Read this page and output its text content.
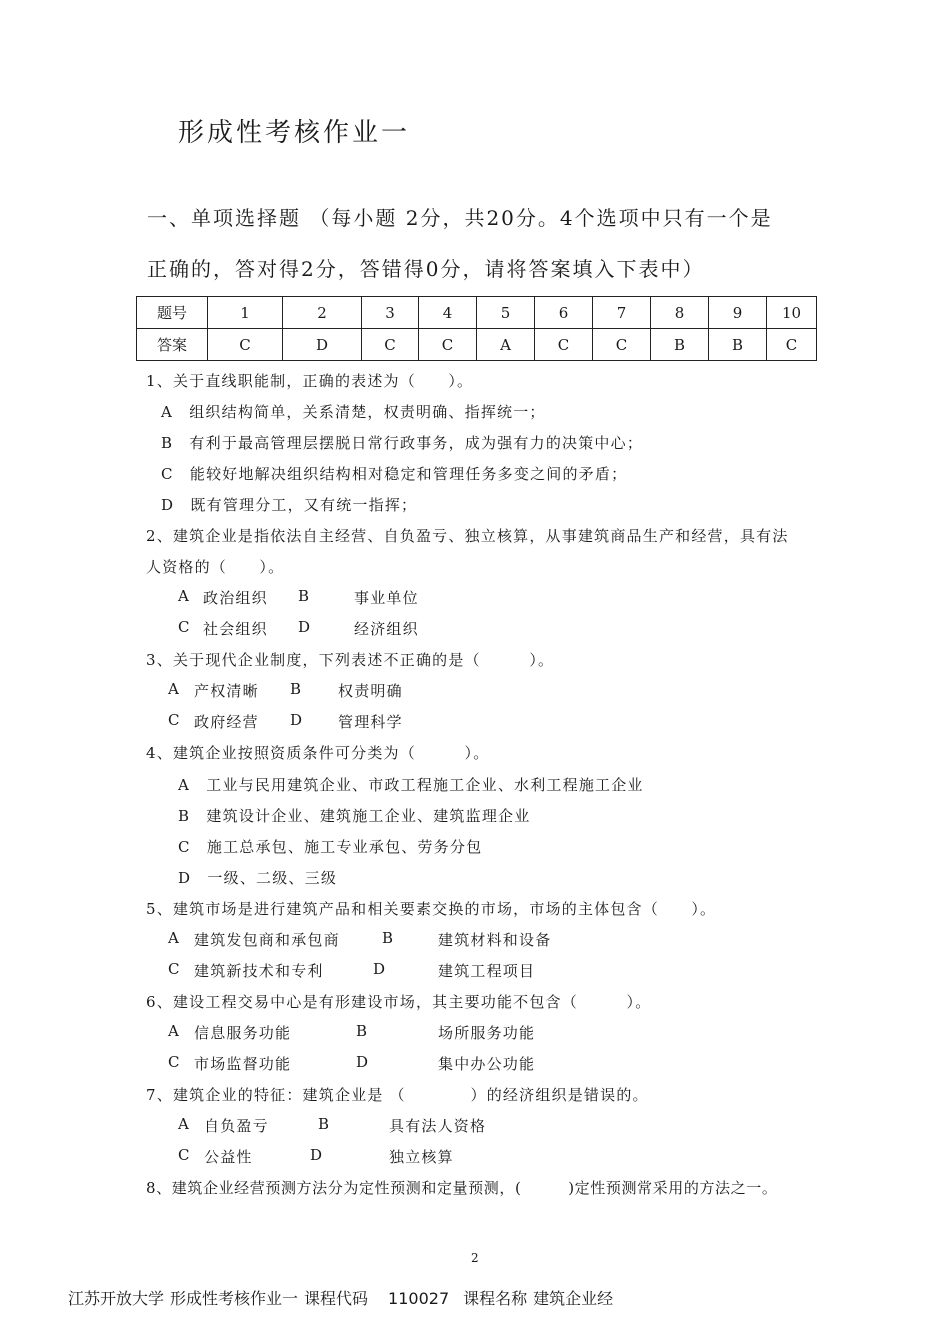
形成性考核作业一
一、单项选择题 （每小题 2分，共20分。4个选项中只有一个是
正确的，答对得2分，答错得0分，请将答案填入下表中）
题号	1	2	3	4	5	6	7	8	9	10
答案	C	D	C	C	A	C	C	B	B	C
1、关于直线职能制，正确的表述为（　　）。
A　组织结构简单，关系清楚，权责明确、指挥统一；
B　有利于最高管理层摆脱日常行政事务，成为强有力的决策中心；
C　能较好地解决组织结构相对稳定和管理任务多变之间的矛盾；
D　既有管理分工，又有统一指挥；
2、建筑企业是指依法自主经营、自负盈亏、独立核算，从事建筑商品生产和经营，具有法
人资格的（　　）。
A 政治组织 B	事业单位
C 社会组织 D	经济组织
3、关于现代企业制度，下列表述不正确的是（　　　）。
A 产权清晰 B 权责明确
C 政府经营 D 管理科学
4、建筑企业按照资质条件可分类为（　　　）。
A　工业与民用建筑企业、市政工程施工企业、水利工程施工企业
B　建筑设计企业、建筑施工企业、建筑监理企业
C　施工总承包、施工专业承包、劳务分包
D　一级、二级、三级
5、建筑市场是进行建筑产品和相关要素交换的市场，市场的主体包含（　　）。
A 建筑发包商和承包商	B	建筑材料和设备
C 建筑新技术和专利	D	建筑工程项目
6、建设工程交易中心是有形建设市场，其主要功能不包含（　　　）。
A 信息服务功能	B	场所服务功能
C 市场监督功能	D	集中办公功能
7、建筑企业的特征：建筑企业是 （　　　　）的经济组织是错误的。
A 自负盈亏	B	具有法人资格
C 公益性	D	独立核算
8、建筑企业经营预测方法分为定性预测和定量预测，(　　　)定性预测常采用的方法之一。
2
江苏开放大学 形成性考核作业一 课程代码 110027 课程名称 建筑企业经
